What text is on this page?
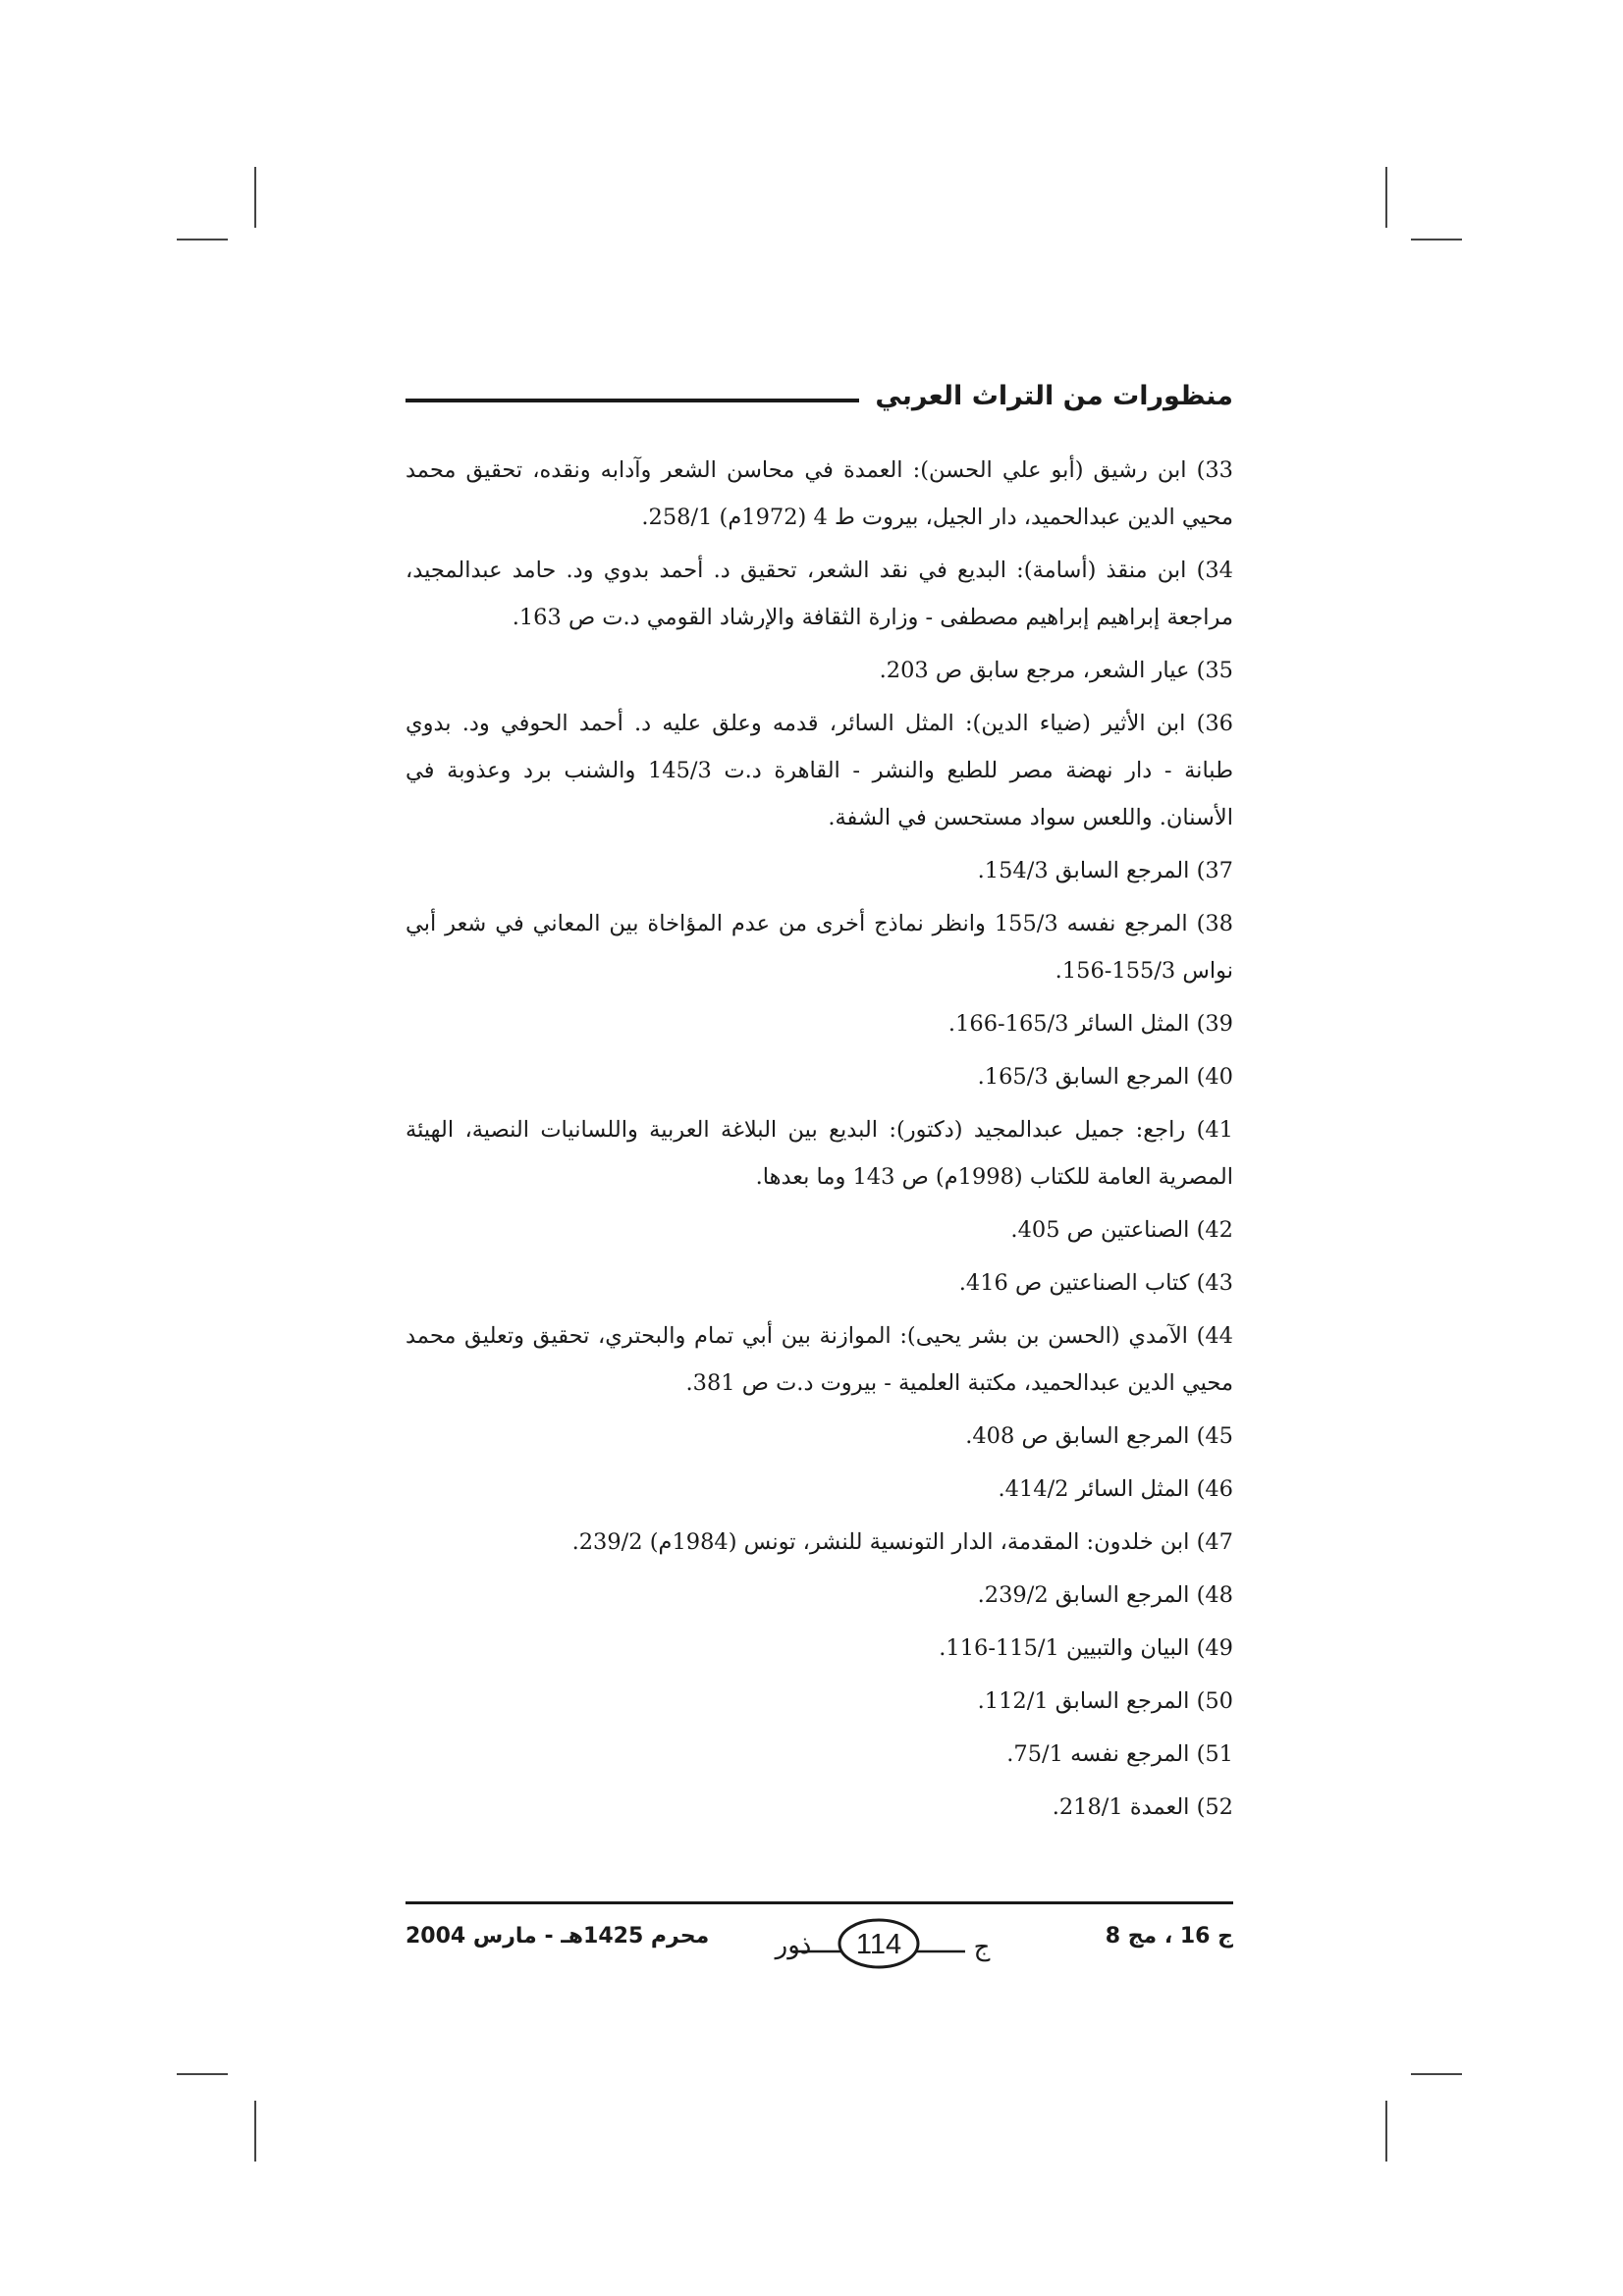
منظورات من التراث العربي

33) ابن رشيق (أبو علي الحسن): العمدة في محاسن الشعر وآدابه ونقده، تحقيق محمد محيي الدين عبدالحميد، دار الجيل، بيروت ط 4 (1972م) 258/1.

34) ابن منقذ (أسامة): البديع في نقد الشعر، تحقيق د. أحمد بدوي ود. حامد عبدالمجيد، مراجعة إبراهيم إبراهيم مصطفى - وزارة الثقافة والإرشاد القومي د.ت ص 163.

35) عيار الشعر، مرجع سابق ص 203.

36) ابن الأثير (ضياء الدين): المثل السائر، قدمه وعلق عليه د. أحمد الحوفي ود. بدوي طبانة - دار نهضة مصر للطبع والنشر - القاهرة د.ت 145/3 والشنب برد وعذوبة في الأسنان. واللعس سواد مستحسن في الشفة.

37) المرجع السابق 154/3.

38) المرجع نفسه 155/3 وانظر نماذج أخرى من عدم المؤاخاة بين المعاني في شعر أبي نواس 155/3-156.

39) المثل السائر 165/3-166.

40) المرجع السابق 165/3.

41) راجع: جميل عبدالمجيد (دكتور): البديع بين البلاغة العربية واللسانيات النصية، الهيئة المصرية العامة للكتاب (1998م) ص 143 وما بعدها.

42) الصناعتين ص 405.

43) كتاب الصناعتين ص 416.

44) الآمدي (الحسن بن بشر يحيى): الموازنة بين أبي تمام والبحتري، تحقيق وتعليق محمد محيي الدين عبدالحميد، مكتبة العلمية - بيروت د.ت ص 381.

45) المرجع السابق ص 408.

46) المثل السائر 414/2.

47) ابن خلدون: المقدمة، الدار التونسية للنشر، تونس (1984م) 239/2.

48) المرجع السابق 239/2.

49) البيان والتبيين 115/1-116.

50) المرجع السابق 112/1.

51) المرجع نفسه 75/1.

52) العمدة 218/1.

ج 16 ، مج 8
114	ج
ذور
محرم 1425هـ - مارس 2004
